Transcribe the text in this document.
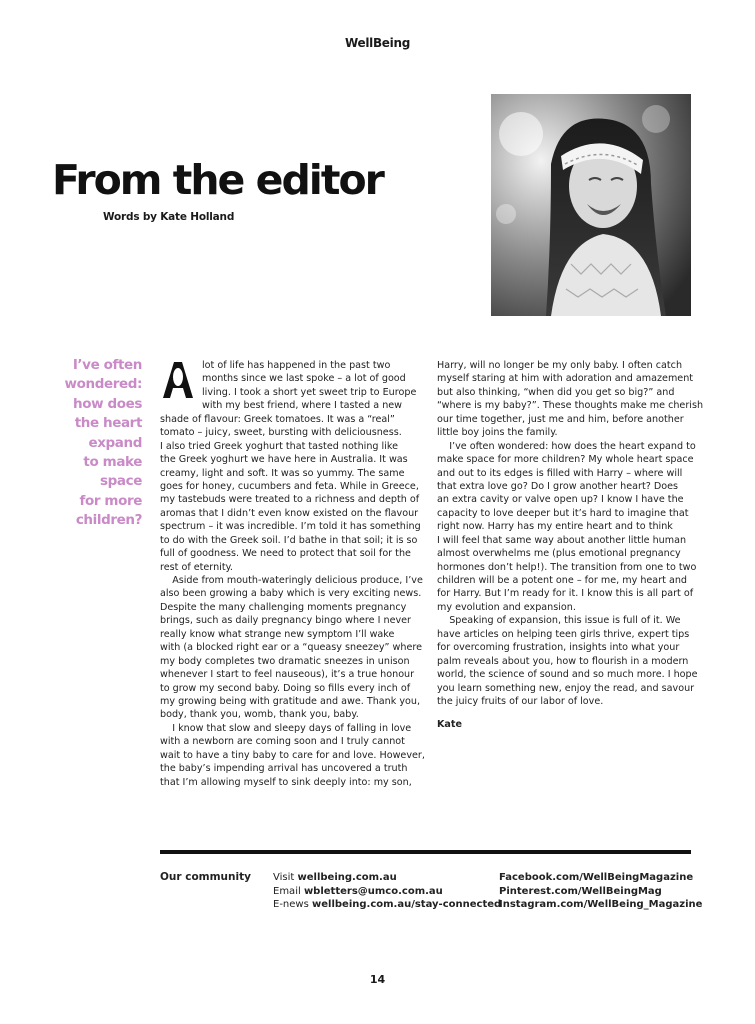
WellBeing
From the editor
Words by Kate Holland
I’ve often
wondered:
how does
the heart
expand
to make
space
for more
children?
A	lot of life has happened in the past two
months since we last spoke – a lot of good
living. I took a short yet sweet trip to Europe
with my best friend, where I tasted a new
shade of flavour: Greek tomatoes. It was a “real”
tomato – juicy, sweet, bursting with deliciousness.
I also tried Greek yoghurt that tasted nothing like
the Greek yoghurt we have here in Australia. It was
creamy, light and soft. It was so yummy. The same
goes for honey, cucumbers and feta. While in Greece,
my tastebuds were treated to a richness and depth of
aromas that I didn’t even know existed on the flavour
spectrum – it was incredible. I’m told it has something
to do with the Greek soil. I’d bathe in that soil; it is so
full of goodness. We need to protect that soil for the
rest of eternity.
Aside from mouth-wateringly delicious produce, I’ve
also been growing a baby which is very exciting news.
Despite the many challenging moments pregnancy
brings, such as daily pregnancy bingo where I never
really know what strange new symptom I’ll wake
with (a blocked right ear or a “queasy sneezey” where
my body completes two dramatic sneezes in unison
whenever I start to feel nauseous), it’s a true honour
to grow my second baby. Doing so fills every inch of
my growing being with gratitude and awe. Thank you,
body, thank you, womb, thank you, baby.
I know that slow and sleepy days of falling in love
with a newborn are coming soon and I truly cannot
wait to have a tiny baby to care for and love. However,
the baby’s impending arrival has uncovered a truth
that I’m allowing myself to sink deeply into: my son,
Harry, will no longer be my only baby. I often catch
myself staring at him with adoration and amazement
but also thinking, “when did you get so big?” and
“where is my baby?”. These thoughts make me cherish
our time together, just me and him, before another
little boy joins the family.
I’ve often wondered: how does the heart expand to
make space for more children? My whole heart space
and out to its edges is filled with Harry – where will
that extra love go? Do I grow another heart? Does
an extra cavity or valve open up? I know I have the
capacity to love deeper but it’s hard to imagine that
right now. Harry has my entire heart and to think
I will feel that same way about another little human
almost overwhelms me (plus emotional pregnancy
hormones don’t help!). The transition from one to two
children will be a potent one – for me, my heart and
for Harry. But I’m ready for it. I know this is all part of
my evolution and expansion.
Speaking of expansion, this issue is full of it. We
have articles on helping teen girls thrive, expert tips
for overcoming frustration, insights into what your
palm reveals about you, how to flourish in a modern
world, the science of sound and so much more. I hope
you learn something new, enjoy the read, and savour
the juicy fruits of our labor of love.
Kate
Our community Visit wellbeing.com.au
Email wbletters@umco.com.au
E-news wellbeing.com.au/stay-connected
Facebook.com/WellBeingMagazine
Pinterest.com/WellBeingMag
Instagram.com/WellBeing_Magazine
14
